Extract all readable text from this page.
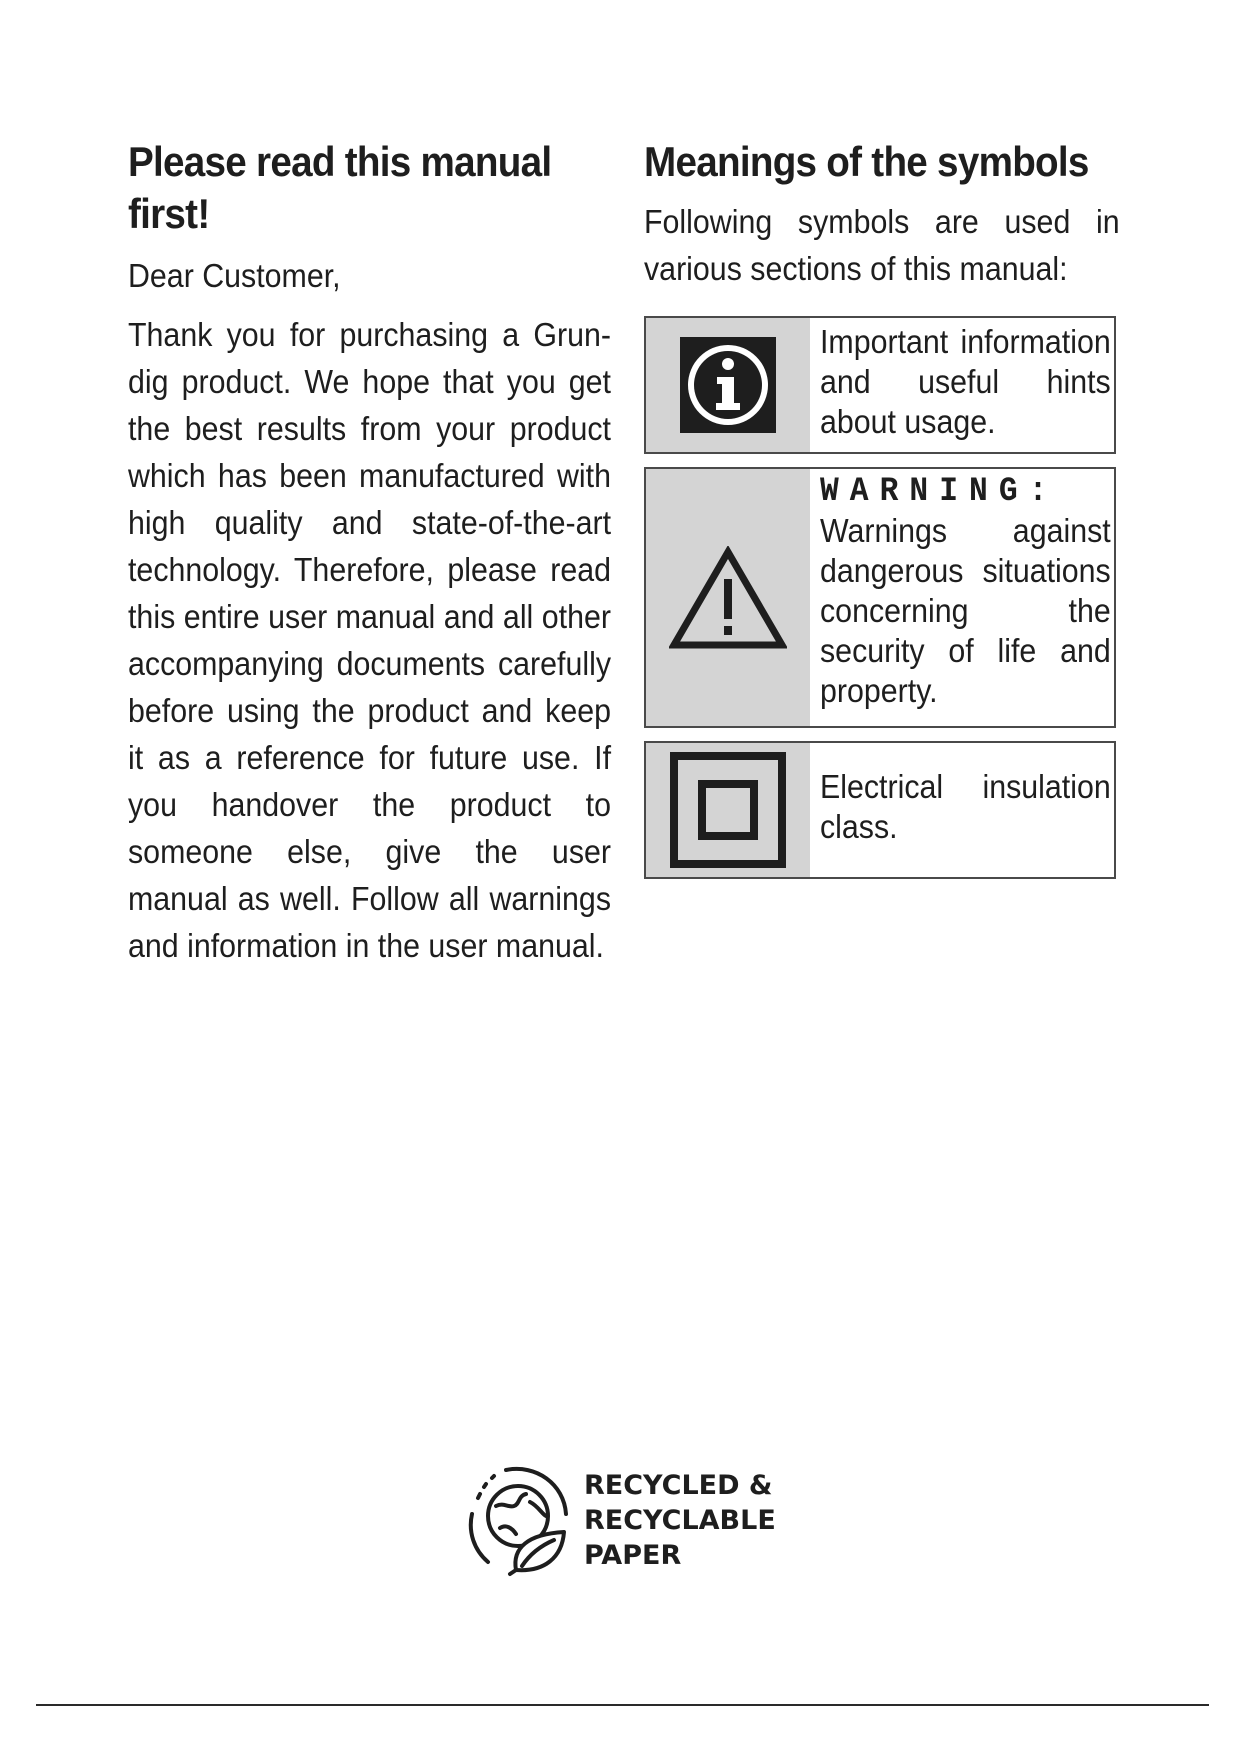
Please read this manual
first!

Dear Customer,

Thank you for purchasing a Grundig product. We hope that you get the best results from your product which has been manufactured with high quality and state-of-the-art technology. Therefore, please read this entire user manual and all other accompanying documents carefully before using the product and keep it as a reference for future use. If you handover the product to someone else, give the user manual as well. Follow all warnings and information in the user manual.

Meanings of the symbols

Following symbols are used in various sections of this manual:

Important information and useful hints about usage.
WARNING:
Warnings against dangerous situations concerning the security of life and property.
Electrical insulation class.
RECYCLED &
RECYCLABLE
PAPER
